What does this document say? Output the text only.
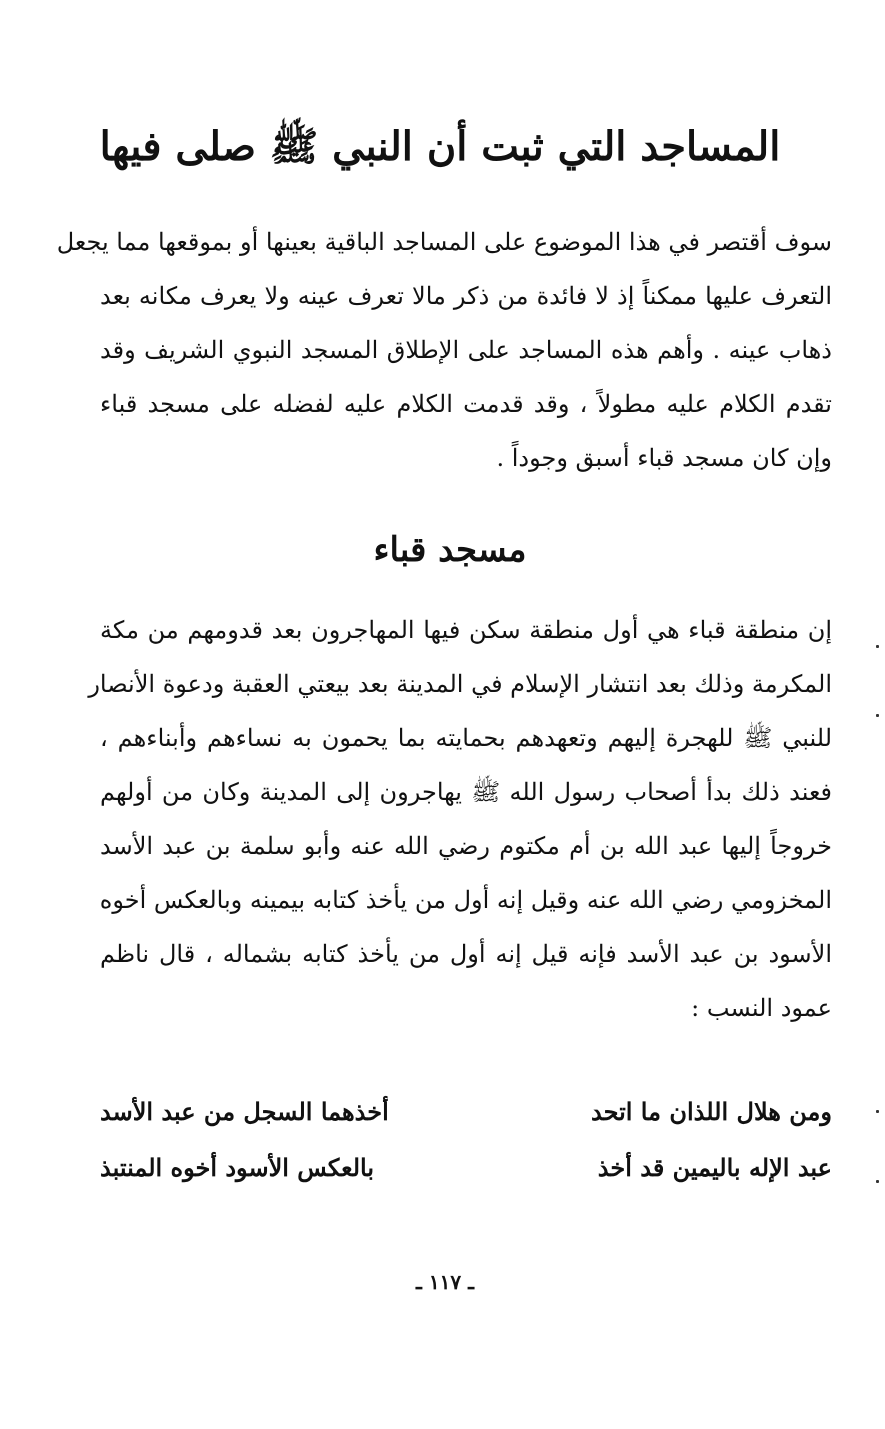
المساجد التي ثبت أن النبي ﷺ صلى فيها
سوف أقتصر في هذا الموضوع على المساجد الباقية بعينها أو بموقعها مما يجعل
التعرف عليها ممكناً إذ لا فائدة من ذكر مالا تعرف عينه ولا يعرف مكانه بعد
ذهاب عينه . وأهم هذه المساجد على الإطلاق المسجد النبوي الشريف وقد
تقدم الكلام عليه مطولاً ، وقد قدمت الكلام عليه لفضله على مسجد قباء
وإن كان مسجد قباء أسبق وجوداً .
مسجد قباء
إن منطقة قباء هي أول منطقة سكن فيها المهاجرون بعد قدومهم من مكة
المكرمة وذلك بعد انتشار الإسلام في المدينة بعد بيعتي العقبة ودعوة الأنصار
للنبي ﷺ للهجرة إليهم وتعهدهم بحمايته بما يحمون به نساءهم وأبناءهم ،
فعند ذلك بدأ أصحاب رسول الله ﷺ يهاجرون إلى المدينة وكان من أولهم
خروجاً إليها عبد الله بن أم مكتوم رضي الله عنه وأبو سلمة بن عبد الأسد
المخزومي رضي الله عنه وقيل إنه أول من يأخذ كتابه بيمينه وبالعكس أخوه
الأسود بن عبد الأسد فإنه قيل إنه أول من يأخذ كتابه بشماله ، قال ناظم
عمود النسب :
ومن هلال اللذان ما اتحد
أخذهما السجل من عبد الأسد
عبد الإله باليمين قد أخذ
بالعكس الأسود أخوه المنتبذ
ـ ١١٧ ـ
